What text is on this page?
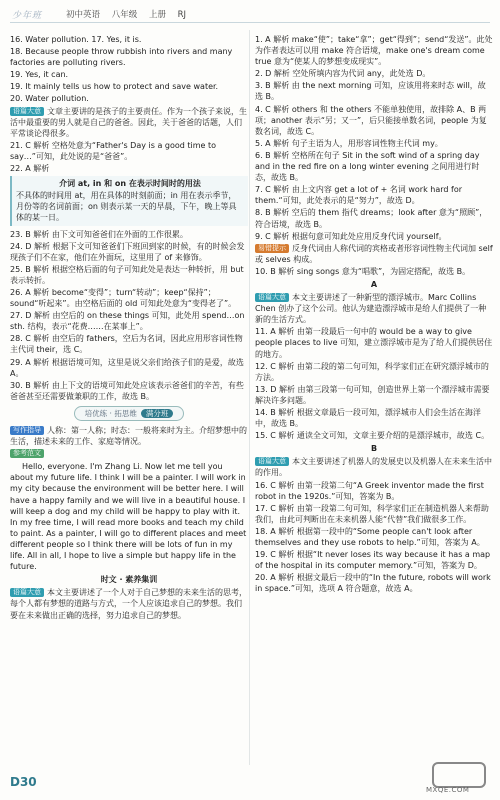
少年班	初中英语 八年级 上册 RJ

16. Water pollution. 17. Yes, it is.

18. Because people throw rubbish into rivers and many factories are polluting rivers.

19. Yes, it can.

19. It mainly tells us how to protect and save water.

20. Water pollution.

语篇大意 文章主要讲的是孩子的主要责任。作为一个孩子来说，生活中最重要的男人就是自己的爸爸。因此，关于爸爸的话题，人们平常谈论得很多。

21. C 解析 空格处意为“Father's Day is a good time to say…”可知，此处说的是“爸爸”。

22. A 解析

介词 at, in 和 on 在表示时间时的用法
不具体的时间用 at，用在具体的时刻前面；in 用在表示季节，月份等的名词前面；on 则表示某一天的早晨，下午，晚上等具体的某一日。

23. B 解析 由下文可知爸爸们在外面的工作很累。

24. D 解析 根据下文可知爸爸们下班回到家的时候，有的时候会发现孩子们不在家，他们在外面玩，这里用了 of 来修饰。

25. B 解析 根据空格后面的句子可知此处是表达一种转折，用 but 表示转折。

26. A 解析 become“变得”；turn“转动”；keep“保持”；sound“听起来”。由空格后面的 old 可知此处意为“变得老了”。

27. D 解析 由空后的 on these things 可知，此处用 spend…on sth. 结构，表示“花费……在某事上”。

28. C 解析 由空后的 fathers，空后为名词，因此应用形容词性物主代词 their，选 C。

29. A 解析 根据语境可知，这里是说父亲们给孩子们的是爱，故选 A。

30. B 解析 由上下文的语境可知此处应该表示爸爸们的辛苦，有些爸爸甚至还需要做兼职的工作，故选 B。

培优练 · 拓思维 满分班

写作指导 人称：第一人称；时态：一般将来时为主。介绍梦想中的生活，描述未来的工作、家庭等情况。

参考范文

Hello, everyone. I'm Zhang Li. Now let me tell you about my future life. I think I will be a painter. I will work in my city because the environment will be better here. I will have a happy family and we will live in a beautiful house. I will keep a dog and my child will be happy to play with it. In my free time, I will read more books and teach my child to paint. As a painter, I will go to different places and meet different people so I think there will be lots of fun in my life. All in all, I hope to live a simple but happy life in the future.

时文 · 素养集训

语篇大意 本文主要讲述了一个人对于自己梦想的未来生活的思考，每个人都有梦想的道路与方式，一个人应该追求自己的梦想。我们要在未来做出正确的选择，努力追求自己的梦想。

1. A 解析 make“使”；take“拿”；get“得到”；send“发送”。此处为作者表达可以用 make 符合语境，make one's dream come true 意为“使某人的梦想变成现实”。

2. D 解析 空处所填内容为代词 any，此处选 D。

3. B 解析 由 the next morning 可知，应该用将来时态 will，故选 B。

4. C 解析 others 和 the others 不能单独使用，故排除 A、B 两项；another 表示“另；又一”，后只能接单数名词，people 为复数名词，故选 C。

5. A 解析 句子主语为人，用形容词性物主代词 my。

6. B 解析 空格所在句子 Sit in the soft wind of a spring day and in the red fire on a long winter evening 之间用进行时态，故选 B。

7. C 解析 由上文内容 get a lot of + 名词 work hard for them.“可知，此处表示的是“努力”，故选 D。

8. B 解析 空后的 them 指代 dreams；look after 意为“照顾”，符合语境，故选 B。

9. C 解析 根据句意可知此处应用反身代词 yourself。

易错提示 反身代词由人称代词的宾格或者形容词性物主代词加 self 或 selves 构成。

10. B 解析 sing songs 意为“唱歌”，为固定搭配，故选 B。

A

语篇大意 本文主要讲述了一种新型的漂浮城市。Marc Collins Chen 创办了这个公司。他认为建造漂浮城市是给人们提供了一种新的生活方式。

11. A 解析 由第一段最后一句中的 would be a way to give people places to live 可知，建立漂浮城市是为了给人们提供居住的地方。

12. C 解析 由第二段的第二句可知，科学家们正在研究漂浮城市的方法。

13. D 解析 由第三段第一句可知，创造世界上第一个漂浮城市需要解决许多问题。

14. B 解析 根据文章最后一段可知，漂浮城市人们会生活在海洋中，故选 B。

15. C 解析 通读全文可知，文章主要介绍的是漂浮城市，故选 C。

B

语篇大意 本文主要讲述了机器人的发展史以及机器人在未来生活中的作用。

16. C 解析 由第一段第二句“A Greek inventor made the first robot in the 1920s.”可知，答案为 B。

17. C 解析 由第一段第二句可知，科学家们正在制造机器人来帮助我们，由此可判断出在未来机器人能“代替”我们做很多工作。

18. A 解析 根据第一段中的“Some people can't look after themselves and they use robots to help.”可知，答案为 A。

19. C 解析 根据“It never loses its way because it has a map of the hospital in its computer memory.”可知，答案为 D。

20. A 解析 根据文最后一段中的“In the future, robots will work in space.”可知，选项 A 符合题意，故选 A。

D30
MXQE.COM
